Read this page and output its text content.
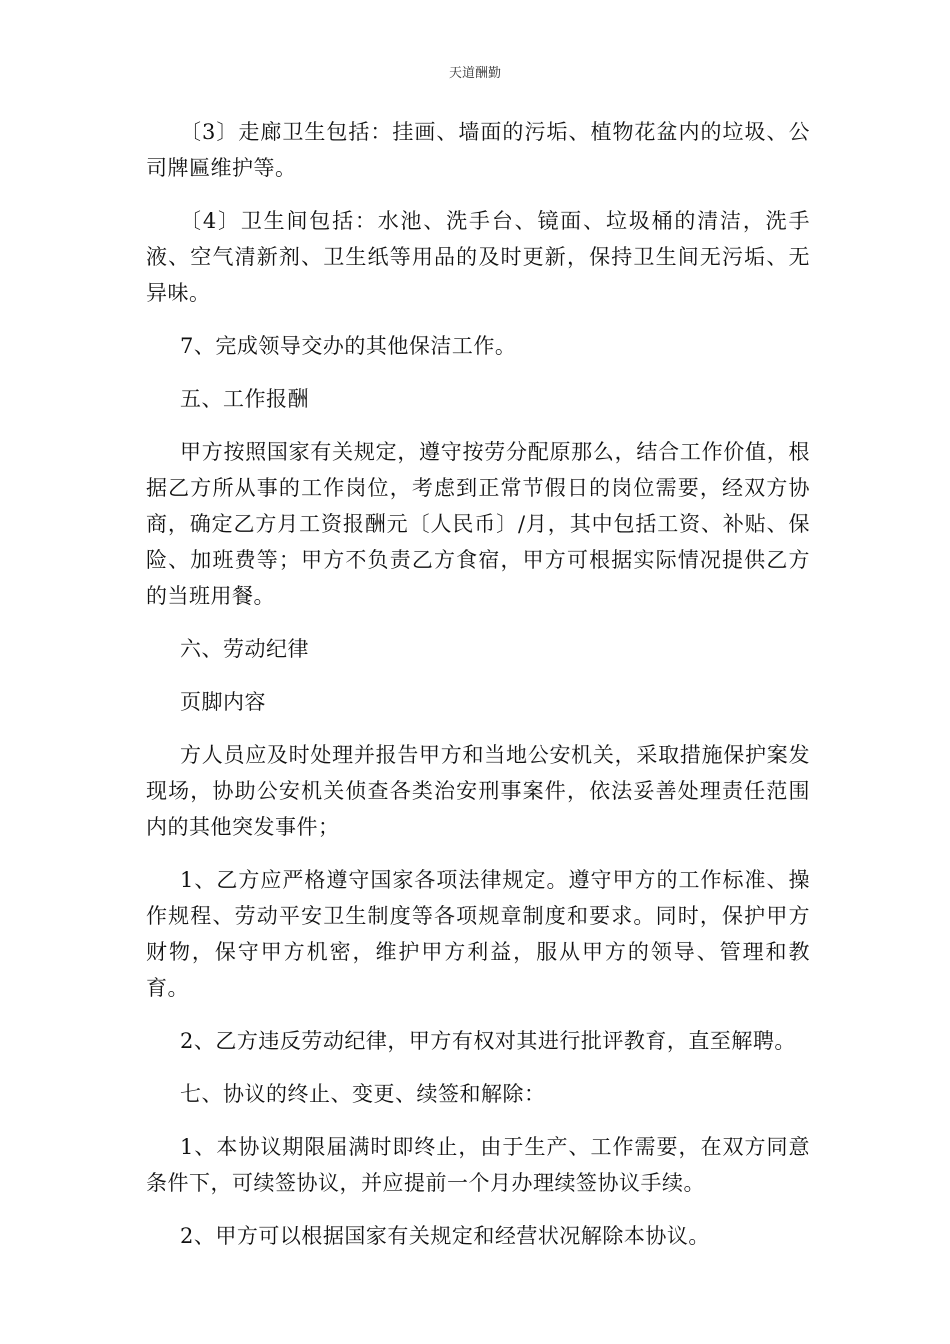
天道酬勤

〔3〕走廊卫生包括：挂画、墙面的污垢、植物花盆内的垃圾、公司牌匾维护等。

〔4〕卫生间包括：水池、洗手台、镜面、垃圾桶的清洁，洗手液、空气清新剂、卫生纸等用品的及时更新，保持卫生间无污垢、无异味。

7、完成领导交办的其他保洁工作。

五、工作报酬

甲方按照国家有关规定，遵守按劳分配原那么，结合工作价值，根据乙方所从事的工作岗位，考虑到正常节假日的岗位需要，经双方协商，确定乙方月工资报酬元〔人民币〕/月，其中包括工资、补贴、保险、加班费等；甲方不负责乙方食宿，甲方可根据实际情况提供乙方的当班用餐。

六、劳动纪律

页脚内容

方人员应及时处理并报告甲方和当地公安机关，采取措施保护案发现场，协助公安机关侦查各类治安刑事案件，依法妥善处理责任范围内的其他突发事件；

1、乙方应严格遵守国家各项法律规定。遵守甲方的工作标准、操作规程、劳动平安卫生制度等各项规章制度和要求。同时，保护甲方财物，保守甲方机密，维护甲方利益，服从甲方的领导、管理和教育。

2、乙方违反劳动纪律，甲方有权对其进行批评教育，直至解聘。

七、协议的终止、变更、续签和解除：

1、本协议期限届满时即终止，由于生产、工作需要，在双方同意条件下，可续签协议，并应提前一个月办理续签协议手续。

2、甲方可以根据国家有关规定和经营状况解除本协议。
